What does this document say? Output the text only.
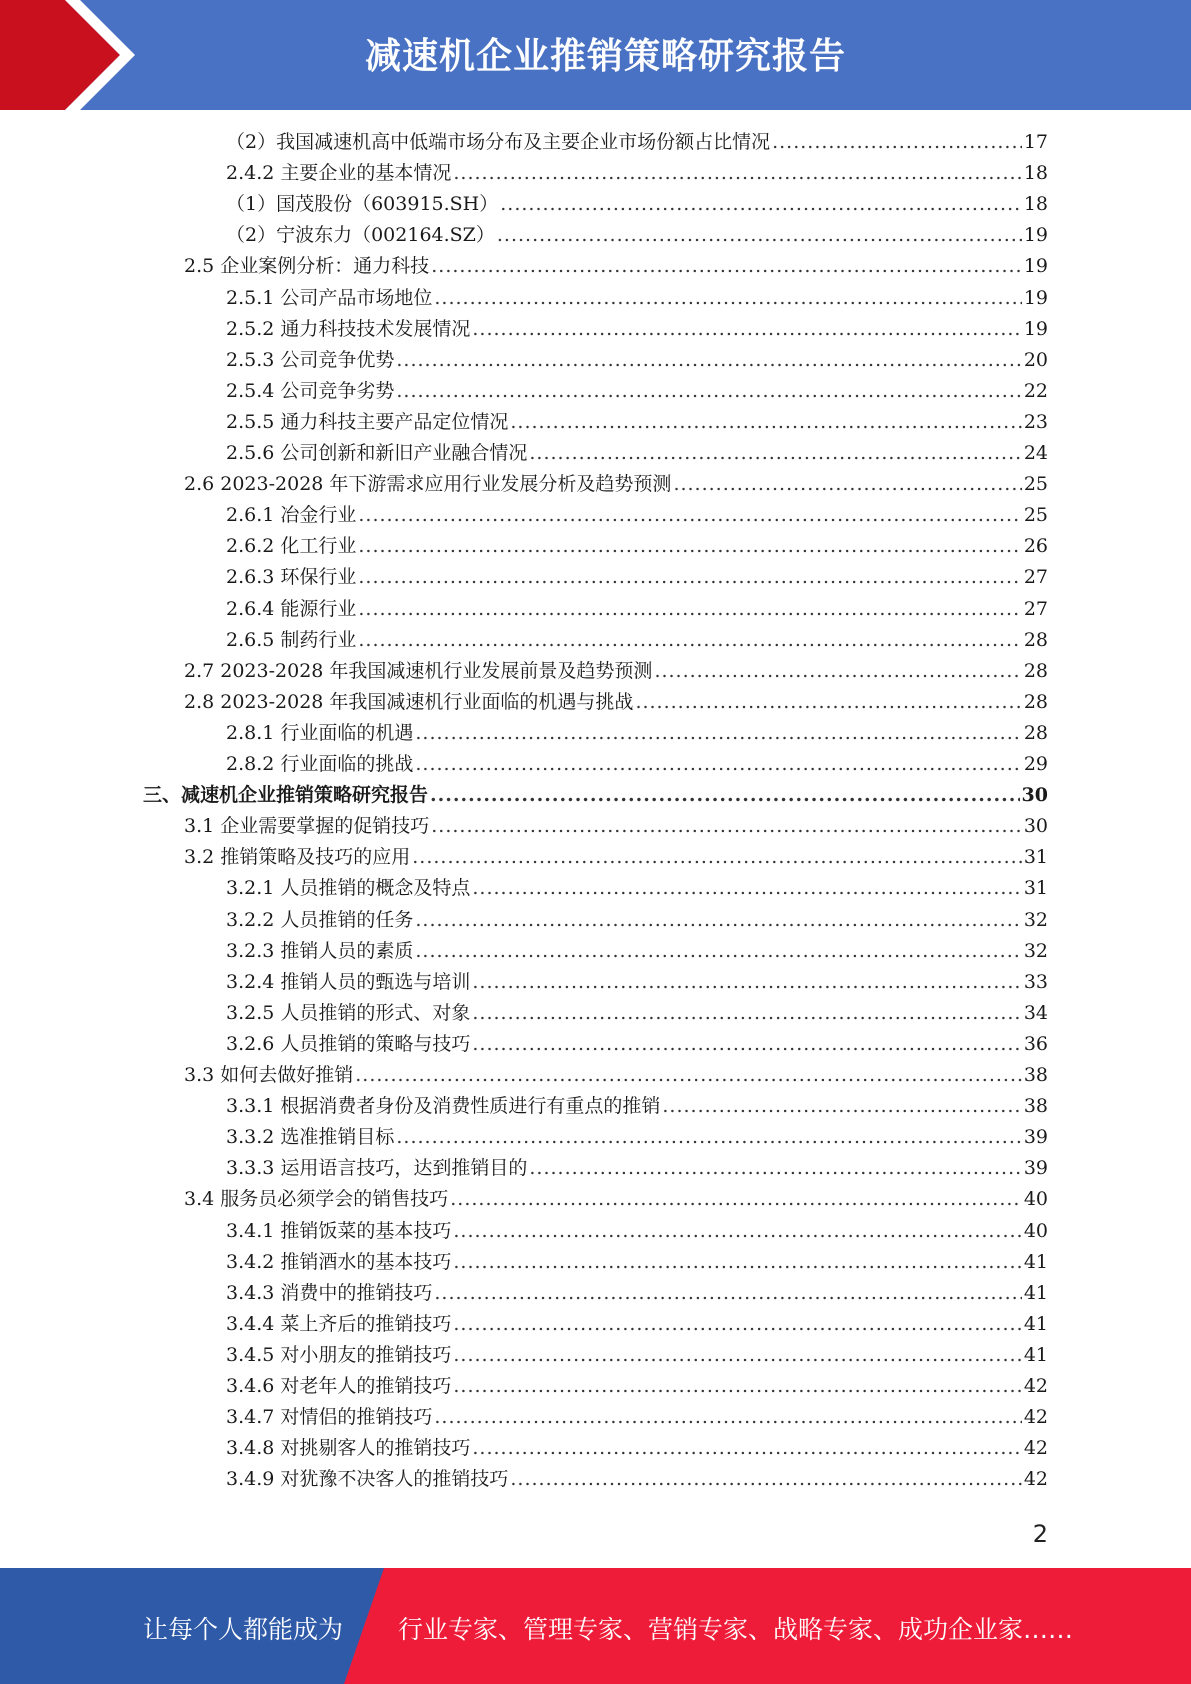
减速机企业推销策略研究报告
（2）我国减速机高中低端市场分布及主要企业市场份额占比情况 .....	17
2.4.2 主要企业的基本情况 .....	18
（1）国茂股份（603915.SH） .....	18
（2）宁波东力（002164.SZ） .....	19
2.5 企业案例分析：通力科技 .....	19
2.5.1 公司产品市场地位 .....	19
2.5.2 通力科技技术发展情况 .....	19
2.5.3 公司竞争优势 .....	20
2.5.4 公司竞争劣势 .....	22
2.5.5 通力科技主要产品定位情况 .....	23
2.5.6 公司创新和新旧产业融合情况 .....	24
2.6 2023-2028 年下游需求应用行业发展分析及趋势预测 .....	25
2.6.1 冶金行业 .....	25
2.6.2 化工行业 .....	26
2.6.3 环保行业 .....	27
2.6.4 能源行业 .....	27
2.6.5 制药行业 .....	28
2.7 2023-2028 年我国减速机行业发展前景及趋势预测 .....	28
2.8 2023-2028 年我国减速机行业面临的机遇与挑战 .....	28
2.8.1 行业面临的机遇 .....	28
2.8.2 行业面临的挑战 .....	29
三、减速机企业推销策略研究报告 .....	30
3.1 企业需要掌握的促销技巧 .....	30
3.2 推销策略及技巧的应用 .....	31
3.2.1 人员推销的概念及特点 .....	31
3.2.2 人员推销的任务 .....	32
3.2.3 推销人员的素质 .....	32
3.2.4 推销人员的甄选与培训 .....	33
3.2.5 人员推销的形式、对象 .....	34
3.2.6 人员推销的策略与技巧 .....	36
3.3 如何去做好推销 .....	38
3.3.1 根据消费者身份及消费性质进行有重点的推销 .....	38
3.3.2 选准推销目标 .....	39
3.3.3 运用语言技巧，达到推销目的 .....	39
3.4 服务员必须学会的销售技巧 .....	40
3.4.1 推销饭菜的基本技巧 .....	40
3.4.2 推销酒水的基本技巧 .....	41
3.4.3 消费中的推销技巧 .....	41
3.4.4 菜上齐后的推销技巧 .....	41
3.4.5 对小朋友的推销技巧 .....	41
3.4.6 对老年人的推销技巧 .....	42
3.4.7 对情侣的推销技巧 .....	42
3.4.8 对挑剔客人的推销技巧 .....	42
3.4.9 对犹豫不决客人的推销技巧 .....	42
2
让每个人都能成为 行业专家、管理专家、营销专家、战略专家、成功企业家……
